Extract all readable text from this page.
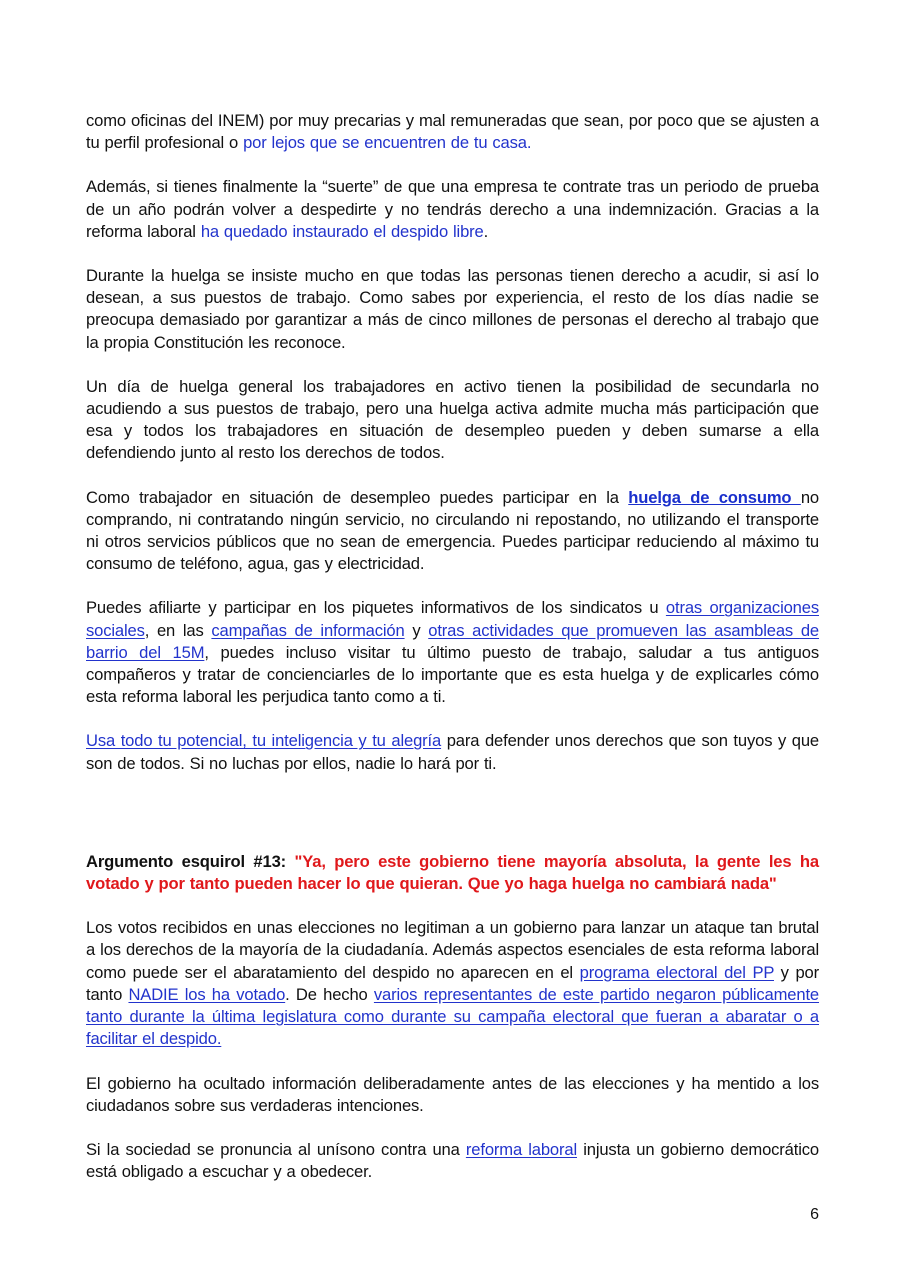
como oficinas del INEM) por muy precarias y mal remuneradas que sean, por poco que se ajusten a tu perfil profesional o por lejos que se encuentren de tu casa.

Además, si tienes finalmente la “suerte” de que una empresa te contrate tras un periodo de prueba de un año podrán volver a despedirte y no tendrás derecho a una indemnización. Gracias a la reforma laboral ha quedado instaurado el despido libre.

Durante la huelga se insiste mucho en que todas las personas tienen derecho a acudir, si así lo desean, a sus puestos de trabajo. Como sabes por experiencia, el resto de los días nadie se preocupa demasiado por garantizar a más de cinco millones de personas el derecho al trabajo que la propia Constitución les reconoce.

Un día de huelga general los trabajadores en activo tienen la posibilidad de secundarla no acudiendo a sus puestos de trabajo, pero una huelga activa admite mucha más participación que esa y todos los trabajadores en situación de desempleo pueden y deben sumarse a ella defendiendo junto al resto los derechos de todos.

Como trabajador en situación de desempleo puedes participar en la huelga de consumo no comprando, ni contratando ningún servicio, no circulando ni repostando, no utilizando el transporte ni otros servicios públicos que no sean de emergencia. Puedes participar reduciendo al máximo tu consumo de teléfono, agua, gas y electricidad.

Puedes afiliarte y participar en los piquetes informativos de los sindicatos u otras organizaciones sociales, en las campañas de información y otras actividades que promueven las asambleas de barrio del 15M, puedes incluso visitar tu último puesto de trabajo, saludar a tus antiguos compañeros y tratar de concienciarles de lo importante que es esta huelga y de explicarles cómo esta reforma laboral les perjudica tanto como a ti.

Usa todo tu potencial, tu inteligencia y tu alegría para defender unos derechos que son tuyos y que son de todos. Si no luchas por ellos, nadie lo hará por ti.

Argumento esquirol #13: "Ya, pero este gobierno tiene mayoría absoluta, la gente les ha votado y por tanto pueden hacer lo que quieran. Que yo haga huelga no cambiará nada"

Los votos recibidos en unas elecciones no legitiman a un gobierno para lanzar un ataque tan brutal a los derechos de la mayoría de la ciudadanía. Además aspectos esenciales de esta reforma laboral como puede ser el abaratamiento del despido no aparecen en el programa electoral del PP y por tanto NADIE los ha votado. De hecho varios representantes de este partido negaron públicamente tanto durante la última legislatura como durante su campaña electoral que fueran a abaratar o a facilitar el despido.

El gobierno ha ocultado información deliberadamente antes de las elecciones y ha mentido a los ciudadanos sobre sus verdaderas intenciones.

Si la sociedad se pronuncia al unísono contra una reforma laboral injusta un gobierno democrático está obligado a escuchar y a obedecer.

6
